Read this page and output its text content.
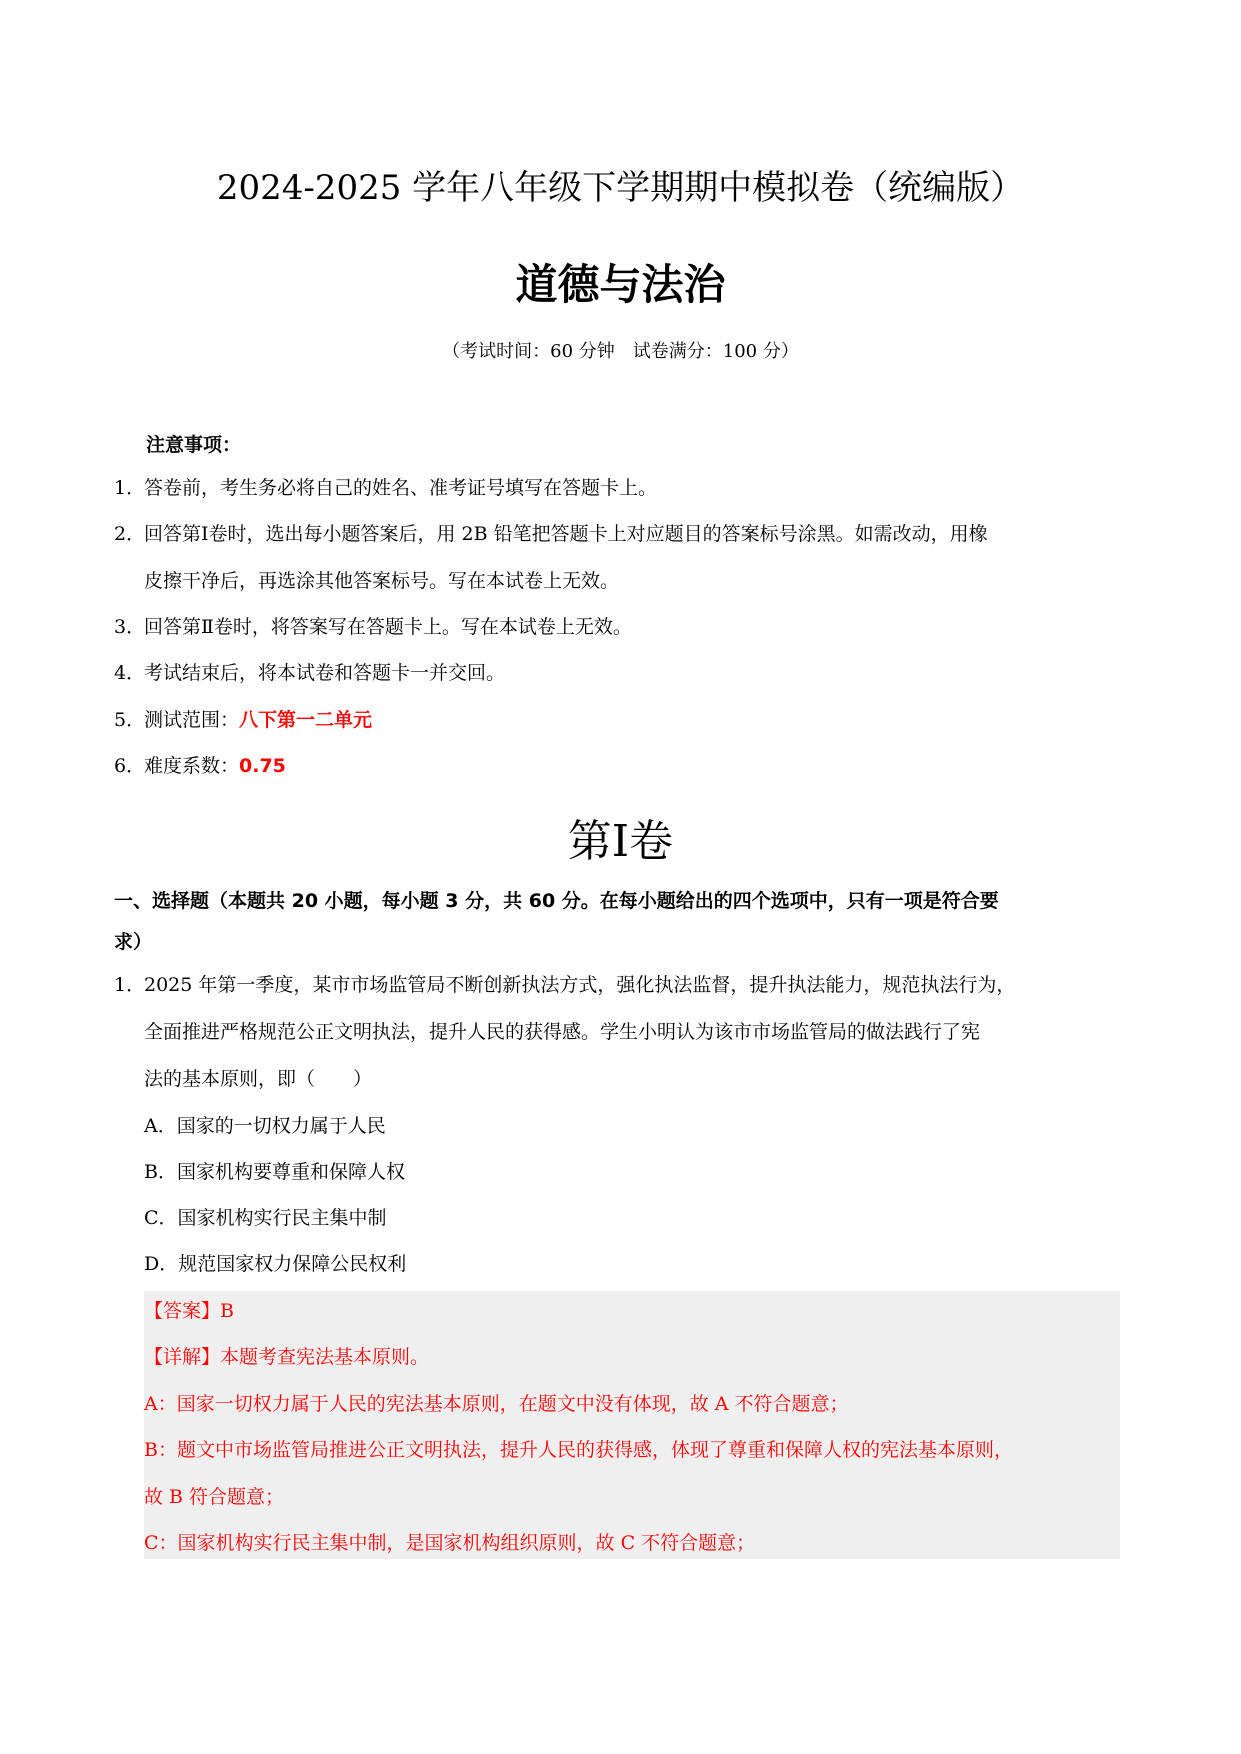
2024-2025 学年八年级下学期期中模拟卷（统编版）
道德与法治
（考试时间：60 分钟　试卷满分：100 分）
注意事项：
1．答卷前，考生务必将自己的姓名、准考证号填写在答题卡上。
2．回答第Ⅰ卷时，选出每小题答案后，用 2B 铅笔把答题卡上对应题目的答案标号涂黑。如需改动，用橡
皮擦干净后，再选涂其他答案标号。写在本试卷上无效。
3．回答第Ⅱ卷时，将答案写在答题卡上。写在本试卷上无效。
4．考试结束后，将本试卷和答题卡一并交回。
5．测试范围：八下第一二单元
6．难度系数：0.75
第Ⅰ卷
一、选择题（本题共 20 小题，每小题 3 分，共 60 分。在每小题给出的四个选项中，只有一项是符合要
求）
1．2025 年第一季度，某市市场监管局不断创新执法方式，强化执法监督，提升执法能力，规范执法行为，
全面推进严格规范公正文明执法，提升人民的获得感。学生小明认为该市市场监管局的做法践行了宪
法的基本原则，即（　　）
A．国家的一切权力属于人民
B．国家机构要尊重和保障人权
C．国家机构实行民主集中制
D．规范国家权力保障公民权利
【答案】B
【详解】本题考查宪法基本原则。
A：国家一切权力属于人民的宪法基本原则，在题文中没有体现，故 A 不符合题意；
B：题文中市场监管局推进公正文明执法，提升人民的获得感，体现了尊重和保障人权的宪法基本原则，
故 B 符合题意；
C：国家机构实行民主集中制，是国家机构组织原则，故 C 不符合题意；
